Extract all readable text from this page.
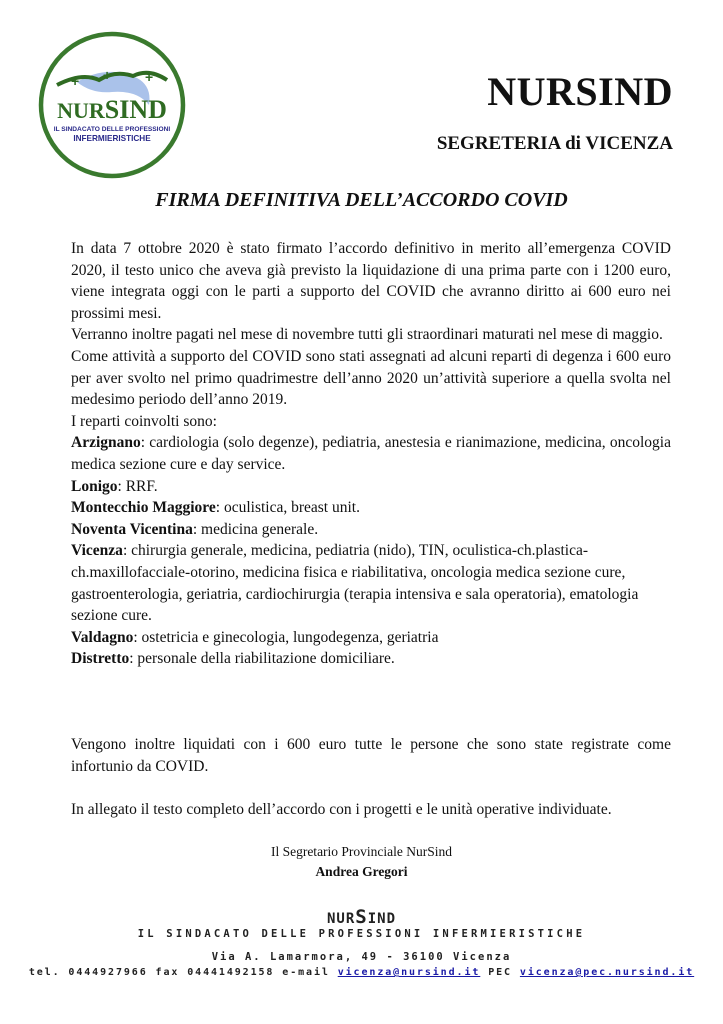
+ + +
NURSIND
IL SINDACATO DELLE PROFESSIONI
INFERMIERISTICHE
NURSIND
SEGRETERIA di VICENZA
FIRMA DEFINITIVA DELL’ACCORDO COVID

In data 7 ottobre 2020 è stato firmato l’accordo definitivo in merito all’emergenza COVID 2020, il testo unico che aveva già previsto la liquidazione di una prima parte con i 1200 euro, viene integrata oggi con le parti a supporto del COVID che avranno diritto ai 600 euro nei prossimi mesi.

Verranno inoltre pagati nel mese di novembre tutti gli straordinari maturati nel mese di maggio.

Come attività a supporto del COVID sono stati assegnati ad alcuni reparti di degenza i 600 euro per aver svolto nel primo quadrimestre dell’anno 2020 un’attività superiore a quella svolta nel medesimo periodo dell’anno 2019.

I reparti coinvolti sono:

Arzignano: cardiologia (solo degenze), pediatria, anestesia e rianimazione, medicina, oncologia medica sezione cure e day service.

Lonigo: RRF.

Montecchio Maggiore: oculistica, breast unit.

Noventa Vicentina: medicina generale.

Vicenza: chirurgia generale, medicina, pediatria (nido), TIN, oculistica-ch.plastica-ch.maxillofacciale-otorino, medicina fisica e riabilitativa, oncologia medica sezione cure, gastroenterologia, geriatria, cardiochirurgia (terapia intensiva e sala operatoria), ematologia sezione cure.

Valdagno: ostetricia e ginecologia, lungodegenza, geriatria

Distretto: personale della riabilitazione domiciliare.

Vengono inoltre liquidati con i 600 euro tutte le persone che sono state registrate come infortunio da COVID.

In allegato il testo completo dell’accordo con i progetti e le unità operative individuate.

Il Segretario Provinciale NurSind
Andrea Gregori
NURSIND
IL SINDACATO DELLE PROFESSIONI INFERMIERISTICHE
Via A. Lamarmora, 49 - 36100 Vicenza
tel. 0444927966 fax 04441492158 e-mail vicenza@nursind.it PEC vicenza@pec.nursind.it
